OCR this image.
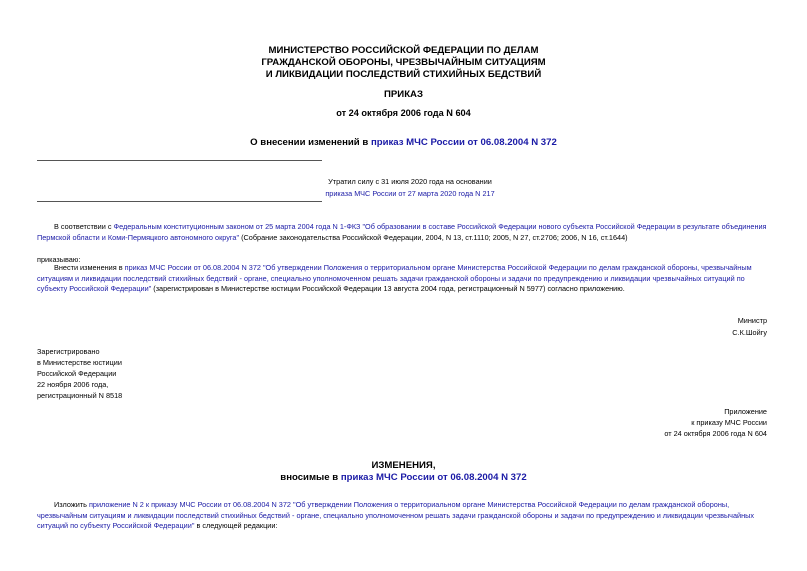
МИНИСТЕРСТВО РОССИЙСКОЙ ФЕДЕРАЦИИ ПО ДЕЛАМ
ГРАЖДАНСКОЙ ОБОРОНЫ, ЧРЕЗВЫЧАЙНЫМ СИТУАЦИЯМ
И ЛИКВИДАЦИИ ПОСЛЕДСТВИЙ СТИХИЙНЫХ БЕДСТВИЙ
ПРИКАЗ
от 24 октября 2006 года N 604
О внесении изменений в приказ МЧС России от 06.08.2004 N 372
Утратил силу с 31 июля 2020 года на основании
приказа МЧС России от 27 марта 2020 года N 217
В соответствии с Федеральным конституционным законом от 25 марта 2004 года N 1-ФКЗ "Об образовании в составе Российской Федерации нового субъекта Российской Федерации в результате объединения Пермской области и Коми-Пермяцкого автономного округа" (Собрание законодательства Российской Федерации, 2004, N 13, ст.1110; 2005, N 27, ст.2706; 2006, N 16, ст.1644)
приказываю:
Внести изменения в приказ МЧС России от 06.08.2004 N 372 "Об утверждении Положения о территориальном органе Министерства Российской Федерации по делам гражданской обороны, чрезвычайным ситуациям и ликвидации последствий стихийных бедствий - органе, специально уполномоченном решать задачи гражданской обороны и задачи по предупреждению и ликвидации чрезвычайных ситуаций по субъекту Российской Федерации" (зарегистрирован в Министерстве юстиции Российской Федерации 13 августа 2004 года, регистрационный N 5977) согласно приложению.
Министр
С.К.Шойгу
Зарегистрировано
в Министерстве юстиции
Российской Федерации
22 ноября 2006 года,
регистрационный N 8518
Приложение
к приказу МЧС России
от 24 октября 2006 года N 604
ИЗМЕНЕНИЯ,
вносимые в приказ МЧС России от 06.08.2004 N 372
Изложить приложение N 2 к приказу МЧС России от 06.08.2004 N 372 "Об утверждении Положения о территориальном органе Министерства Российской Федерации по делам гражданской обороны, чрезвычайным ситуациям и ликвидации последствий стихийных бедствий - органе, специально уполномоченном решать задачи гражданской обороны и задачи по предупреждению и ликвидации чрезвычайных ситуаций по субъекту Российской Федерации" в следующей редакции:
